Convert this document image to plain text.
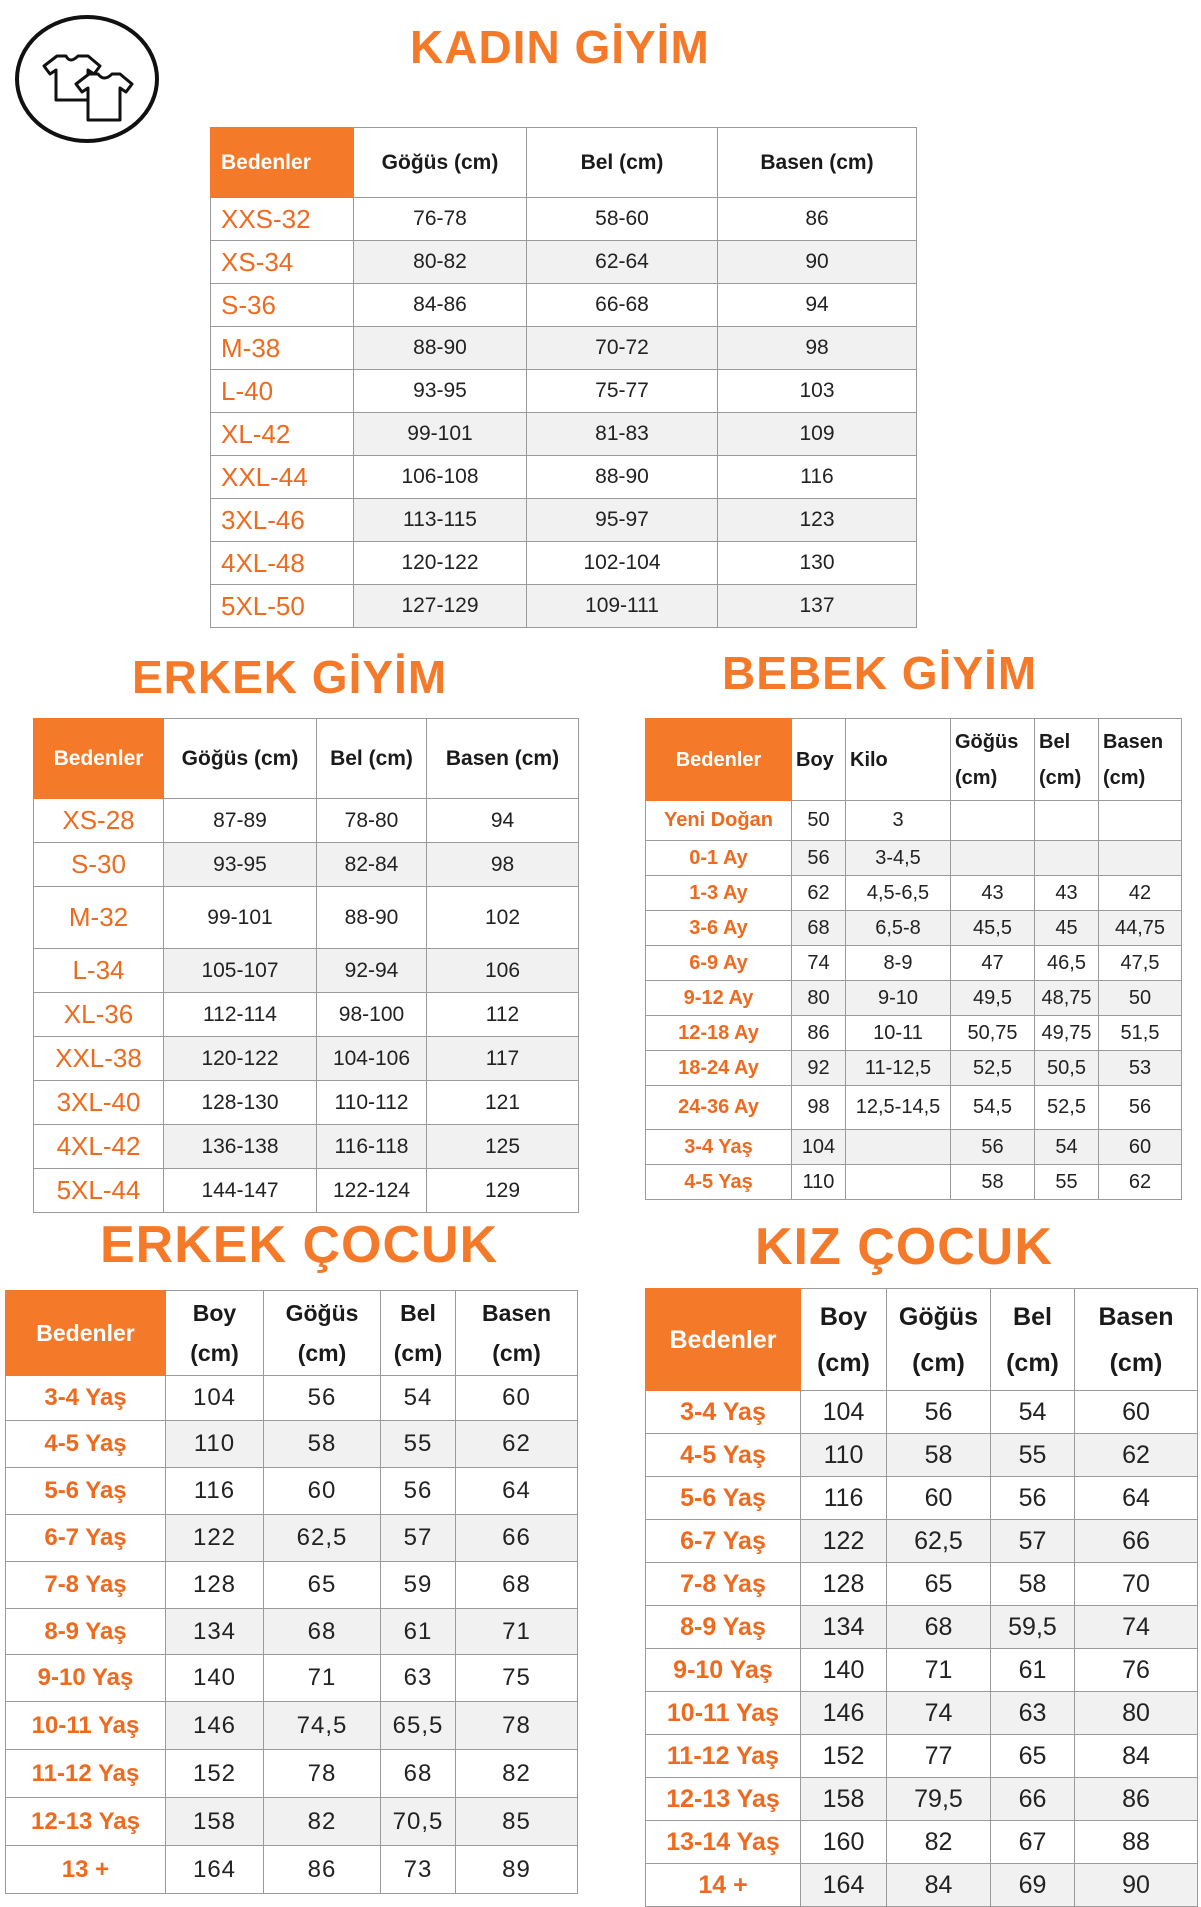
KADIN GİYİM
Bedenler	Göğüs (cm)	Bel (cm)	Basen (cm)
XXS-32	76-78	58-60	86
XS-34	80-82	62-64	90
S-36	84-86	66-68	94
M-38	88-90	70-72	98
L-40	93-95	75-77	103
XL-42	99-101	81-83	109
XXL-44	106-108	88-90	116
3XL-46	113-115	95-97	123
4XL-48	120-122	102-104	130
5XL-50	127-129	109-111	137
ERKEK GİYİM
Bedenler	Göğüs (cm)	Bel (cm)	Basen (cm)
XS-28	87-89	78-80	94
S-30	93-95	82-84	98
M-32	99-101	88-90	102
L-34	105-107	92-94	106
XL-36	112-114	98-100	112
XXL-38	120-122	104-106	117
3XL-40	128-130	110-112	121
4XL-42	136-138	116-118	125
5XL-44	144-147	122-124	129
BEBEK GİYİM
Bedenler	Boy	Kilo	Göğüs (cm)	Bel (cm)	Basen (cm)
Yeni Doğan	50	3			
0-1 Ay	56	3-4,5			
1-3 Ay	62	4,5-6,5	43	43	42
3-6 Ay	68	6,5-8	45,5	45	44,75
6-9 Ay	74	8-9	47	46,5	47,5
9-12 Ay	80	9-10	49,5	48,75	50
12-18 Ay	86	10-11	50,75	49,75	51,5
18-24 Ay	92	11-12,5	52,5	50,5	53
24-36 Ay	98	12,5-14,5	54,5	52,5	56
3-4 Yaş	104		56	54	60
4-5 Yaş	110		58	55	62
ERKEK ÇOCUK
Bedenler	Boy (cm)	Göğüs (cm)	Bel (cm)	Basen (cm)
3-4 Yaş	104	56	54	60
4-5 Yaş	110	58	55	62
5-6 Yaş	116	60	56	64
6-7 Yaş	122	62,5	57	66
7-8 Yaş	128	65	59	68
8-9 Yaş	134	68	61	71
9-10 Yaş	140	71	63	75
10-11 Yaş	146	74,5	65,5	78
11-12 Yaş	152	78	68	82
12-13 Yaş	158	82	70,5	85
13 +	164	86	73	89
KIZ ÇOCUK
Bedenler	Boy (cm)	Göğüs (cm)	Bel (cm)	Basen (cm)
3-4 Yaş	104	56	54	60
4-5 Yaş	110	58	55	62
5-6 Yaş	116	60	56	64
6-7 Yaş	122	62,5	57	66
7-8 Yaş	128	65	58	70
8-9 Yaş	134	68	59,5	74
9-10 Yaş	140	71	61	76
10-11 Yaş	146	74	63	80
11-12 Yaş	152	77	65	84
12-13 Yaş	158	79,5	66	86
13-14 Yaş	160	82	67	88
14 +	164	84	69	90
